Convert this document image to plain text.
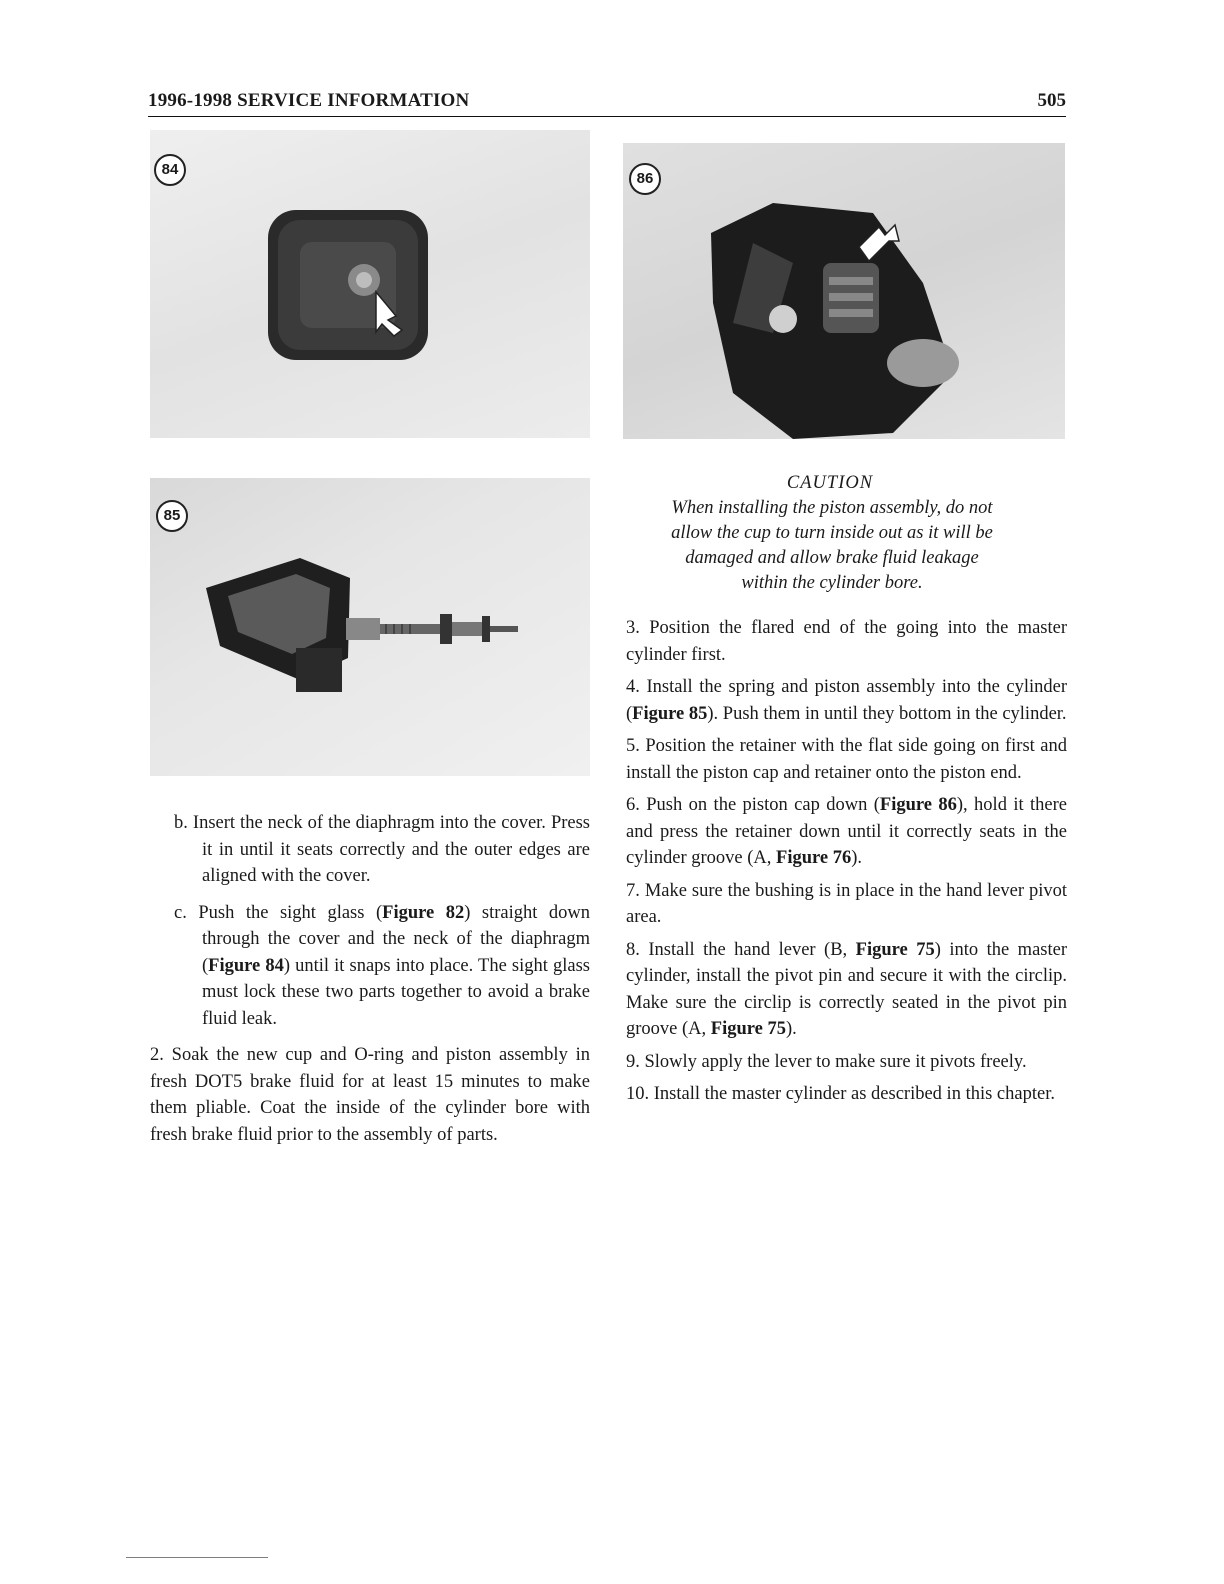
1996-1998 SERVICE INFORMATION	505
84
85
86

b. Insert the neck of the diaphragm into the cover. Press it in until it seats correctly and the outer edges are aligned with the cover.

c. Push the sight glass (Figure 82) straight down through the cover and the neck of the diaphragm (Figure 84) until it snaps into place. The sight glass must lock these two parts together to avoid a brake fluid leak.

2. Soak the new cup and O-ring and piston assembly in fresh DOT5 brake fluid for at least 15 minutes to make them pliable. Coat the inside of the cylinder bore with fresh brake fluid prior to the assembly of parts.

CAUTION
When installing the piston assembly, do not allow the cup to turn inside out as it will be damaged and allow brake fluid leakage within the cylinder bore.

3. Position the flared end of the going into the master cylinder first.

4. Install the spring and piston assembly into the cylinder (Figure 85). Push them in until they bottom in the cylinder.

5. Position the retainer with the flat side going on first and install the piston cap and retainer onto the piston end.

6. Push on the piston cap down (Figure 86), hold it there and press the retainer down until it correctly seats in the cylinder groove (A, Figure 76).

7. Make sure the bushing is in place in the hand lever pivot area.

8. Install the hand lever (B, Figure 75) into the master cylinder, install the pivot pin and secure it with the circlip. Make sure the circlip is correctly seated in the pivot pin groove (A, Figure 75).

9. Slowly apply the lever to make sure it pivots freely.

10. Install the master cylinder as described in this chapter.
